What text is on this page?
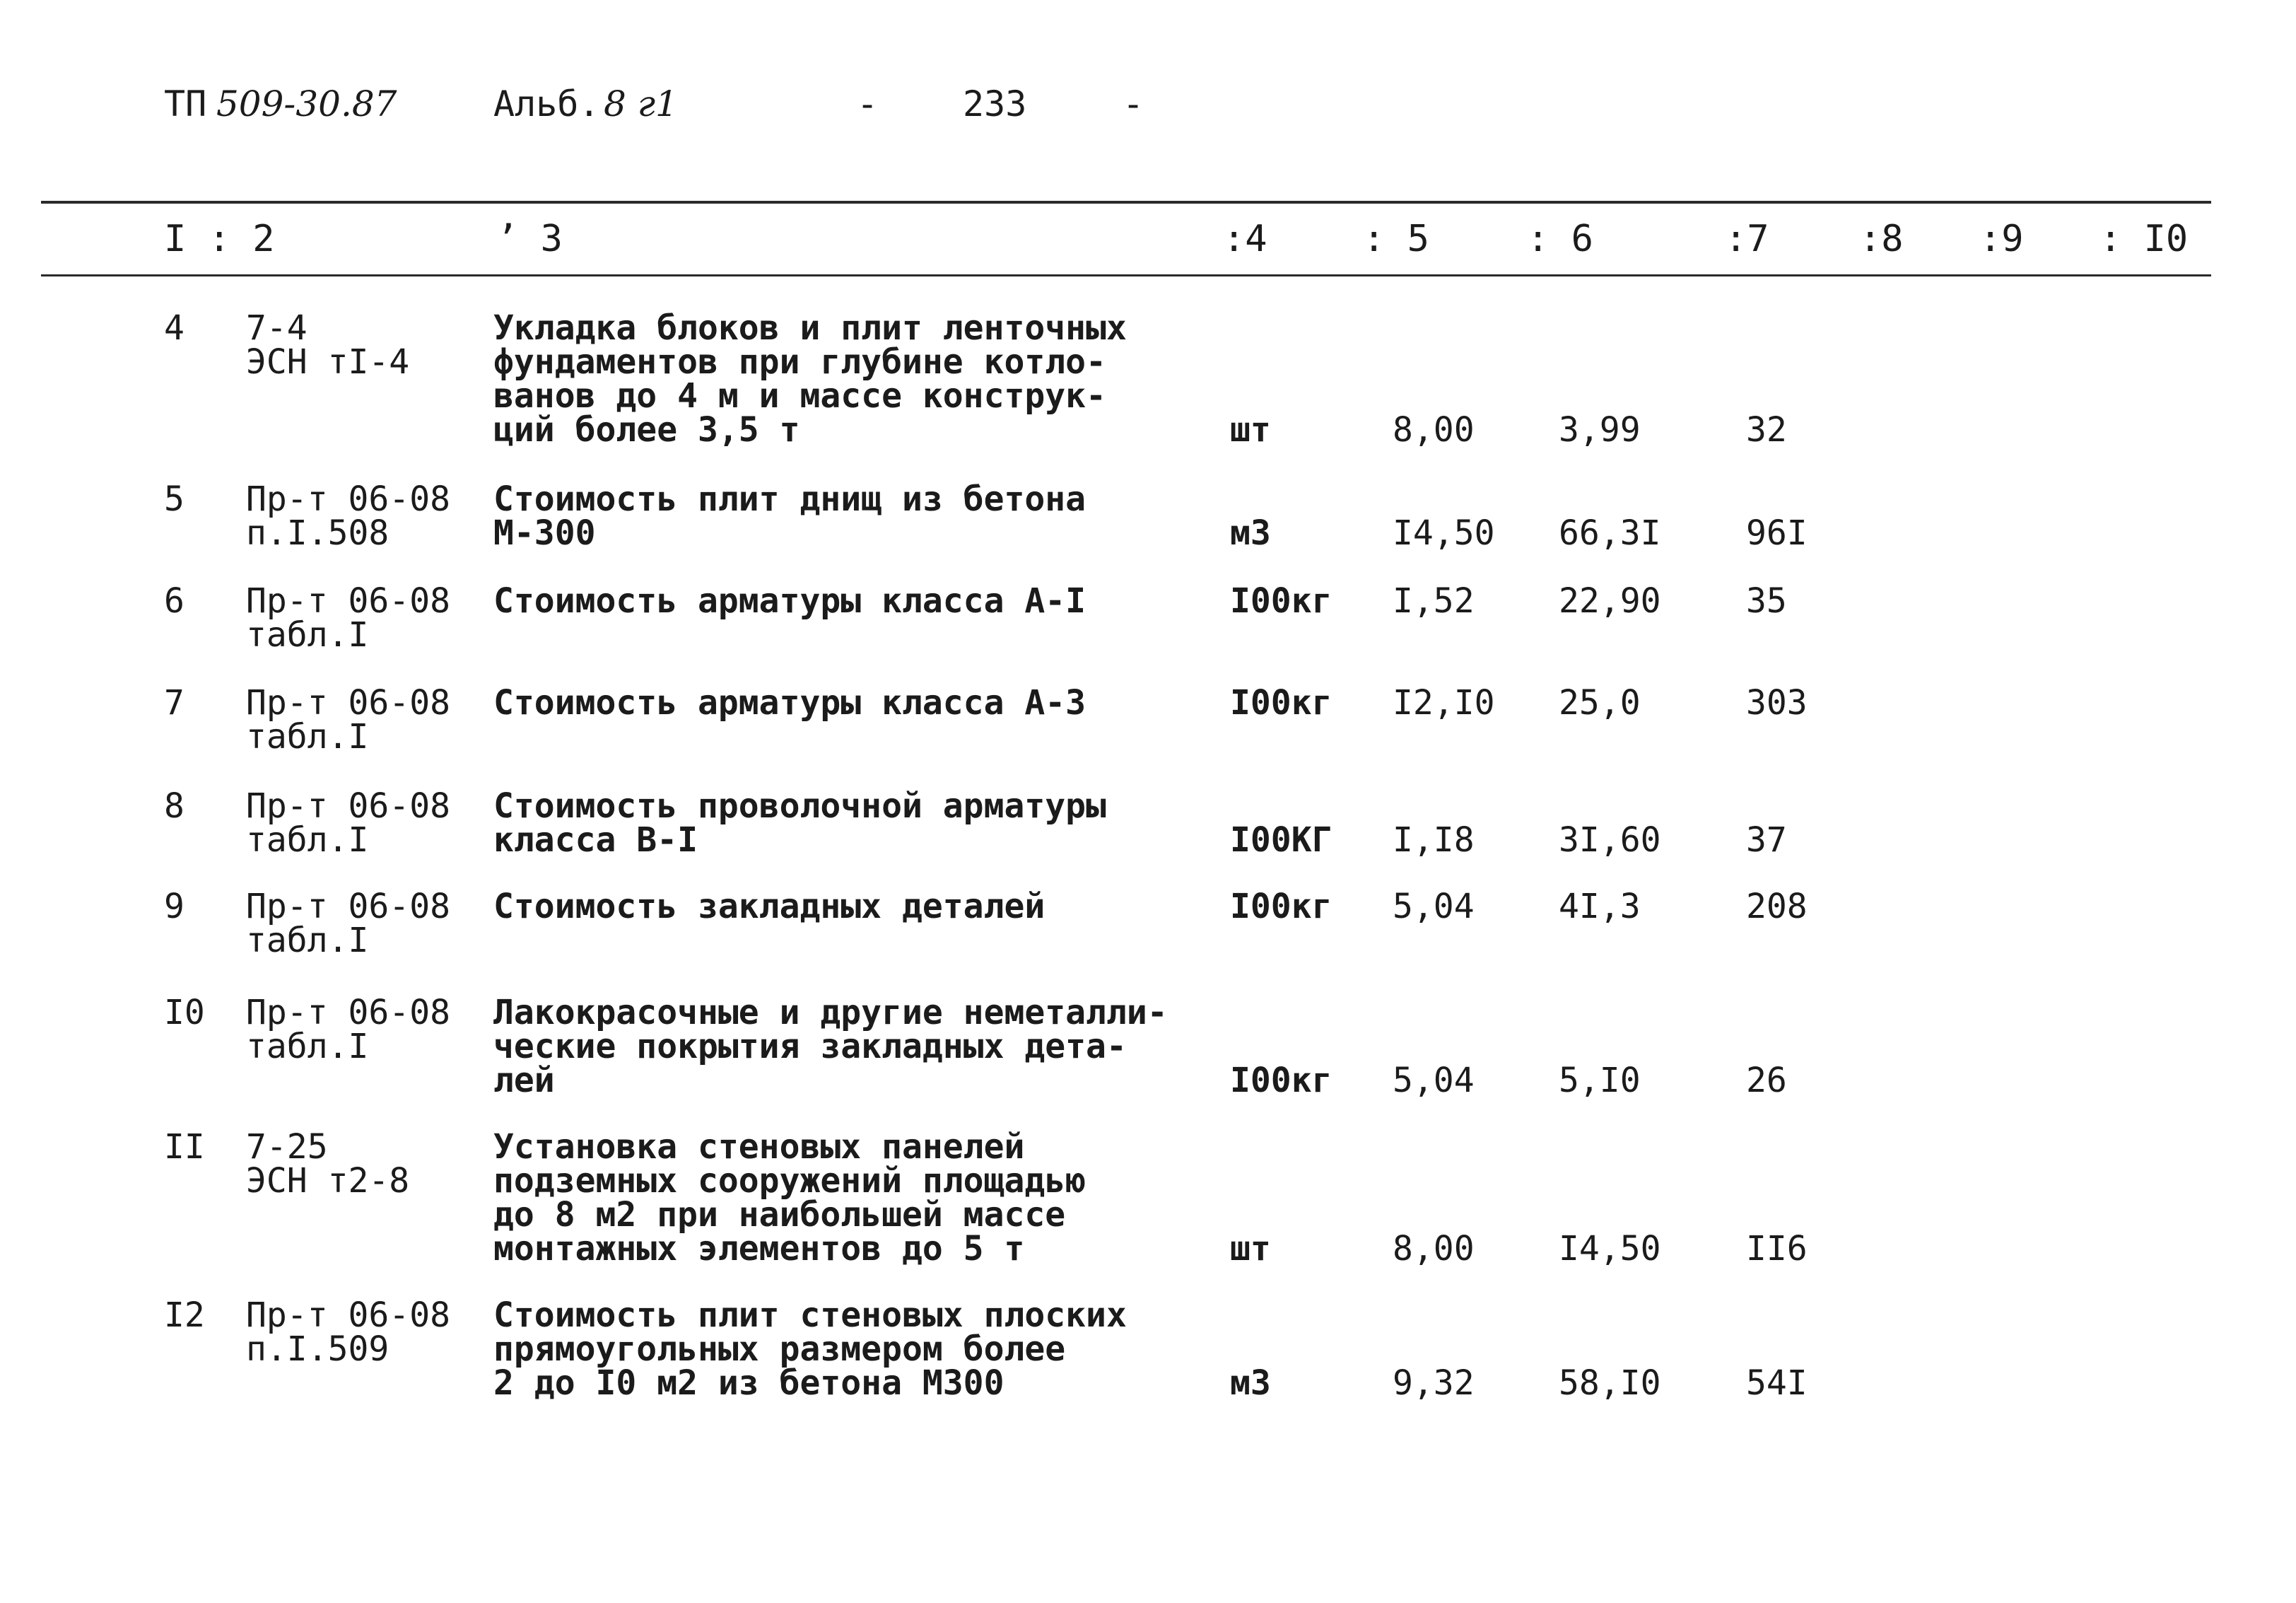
ТП 509-30.87	Альб. 8 г1	- 233	-
I : 2	’ 3	:4	: 5	: 6	:7 :8 :9 : I0
4 7-4
ЭСН тI-4
Укладка блоков и плит ленточных
фундаментов при глубине котло-
ванов до 4 м и массе конструк-
ций более 3,5 т	шт	8,00 3,99	32
5 Пр-т 06-08
п.I.508
Стоимость плит днищ из бетона
М-300	м3	I4,50 66,3I	96I
6 Пр-т 06-08
табл.I
Стоимость арматуры класса А-I	I00кг I,52 22,90	35
7 Пр-т 06-08
табл.I
Стоимость арматуры класса А-3	I00кг I2,I0 25,0	303
8 Пр-т 06-08
табл.I
Стоимость проволочной арматуры
класса В-I	I00КГ I,I8 3I,60	37
9 Пр-т 06-08
табл.I
Стоимость закладных деталей	I00кг 5,04 4I,3	208
I0 Пр-т 06-08
табл.I
Лакокрасочные и другие неметалли-
ческие покрытия закладных дета-
лей	I00кг 5,04 5,I0	26
II 7-25
ЭСН т2-8
Установка стеновых панелей
подземных сооружений площадью
до 8 м2 при наибольшей массе
монтажных элементов до 5 т	шт	8,00 I4,50	II6
I2 Пр-т 06-08
п.I.509
Стоимость плит стеновых плоских
прямоугольных размером более
2 до I0 м2 из бетона М300	м3	9,32 58,I0	54I
